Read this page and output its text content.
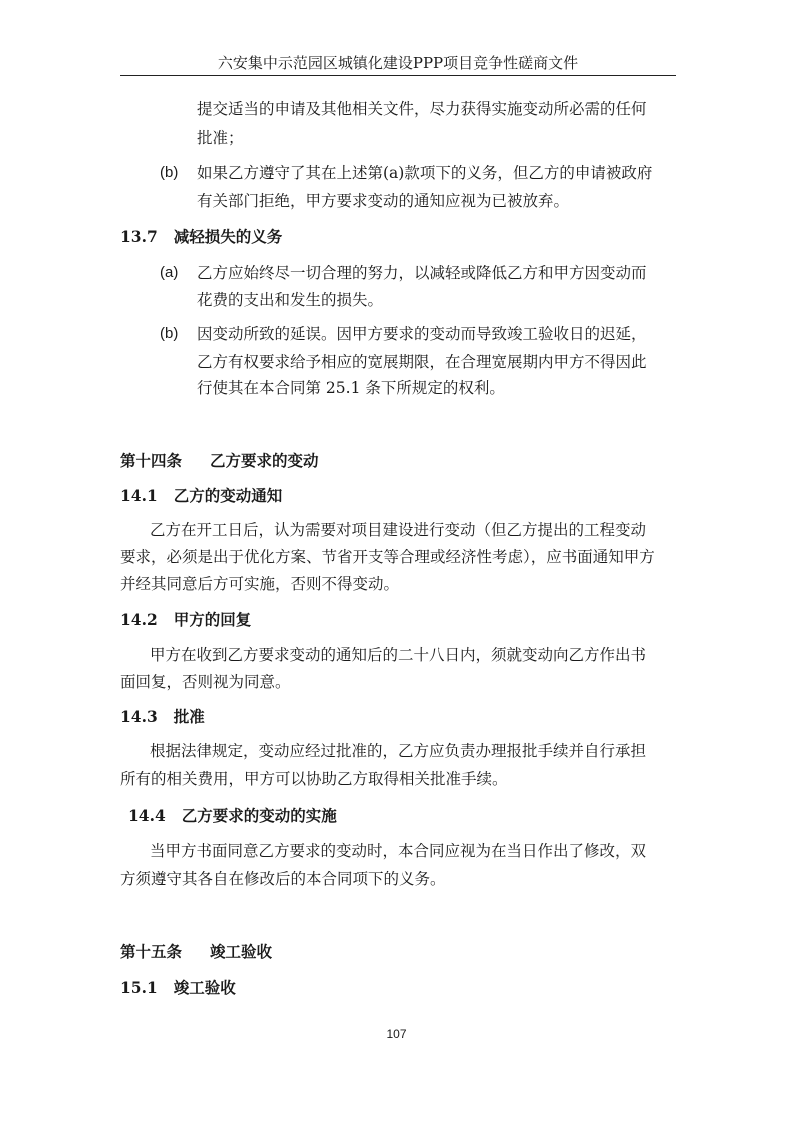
六安集中示范园区城镇化建设PPP项目竞争性磋商文件
提交适当的申请及其他相关文件，尽力获得实施变动所必需的任何
批准；
(b) 如果乙方遵守了其在上述第(a)款项下的义务，但乙方的申请被政府
有关部门拒绝，甲方要求变动的通知应视为已被放弃。
13.7 减轻损失的义务
(a) 乙方应始终尽一切合理的努力，以减轻或降低乙方和甲方因变动而
花费的支出和发生的损失。
(b) 因变动所致的延误。因甲方要求的变动而导致竣工验收日的迟延，
乙方有权要求给予相应的宽展期限，在合理宽展期内甲方不得因此
行使其在本合同第 25.1 条下所规定的权利。
第十四条 乙方要求的变动
14.1 乙方的变动通知
乙方在开工日后，认为需要对项目建设进行变动（但乙方提出的工程变动
要求，必须是出于优化方案、节省开支等合理或经济性考虑），应书面通知甲方
并经其同意后方可实施，否则不得变动。
14.2 甲方的回复
甲方在收到乙方要求变动的通知后的二十八日内，须就变动向乙方作出书
面回复，否则视为同意。
14.3 批准
根据法律规定，变动应经过批准的，乙方应负责办理报批手续并自行承担
所有的相关费用，甲方可以协助乙方取得相关批准手续。
14.4 乙方要求的变动的实施
当甲方书面同意乙方要求的变动时，本合同应视为在当日作出了修改，双
方须遵守其各自在修改后的本合同项下的义务。
第十五条 竣工验收
15.1 竣工验收
107
